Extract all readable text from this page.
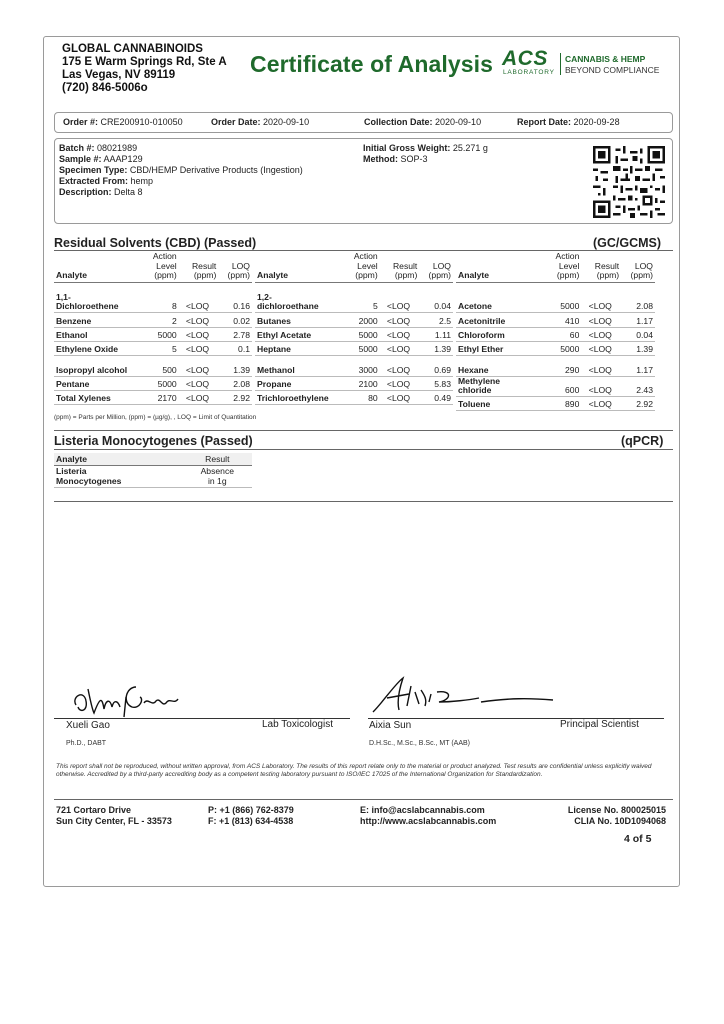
GLOBAL CANNABINOIDS
175 E Warm Springs Rd, Ste A
Las Vegas, NV 89119
(720) 846-5006o
Certificate of Analysis ACS
LABORATORY
CANNABIS & HEMP
BEYOND COMPLIANCE
Order #: CRE200910-010050	Order Date: 2020-09-10	Collection Date: 2020-09-10	Report Date: 2020-09-28
Batch #: 08021989
Sample #: AAAP129
Specimen Type: CBD/HEMP Derivative Products (Ingestion)
Extracted From: hemp
Description: Delta 8
Initial Gross Weight: 25.271 g
Method: SOP-3
Residual Solvents (CBD) (Passed)	(GC/GCMS)
Analyte	Action
Level
(ppm)	Result
(ppm)	LOQ
(ppm)
1,1-
Dichloroethene	8	<LOQ	0.16
Benzene	2	<LOQ	0.02
Ethanol	5000	<LOQ	2.78
Ethylene Oxide	5	<LOQ	0.1
Isopropyl alcohol	500	<LOQ	1.39
Pentane	5000	<LOQ	2.08
Total Xylenes	2170	<LOQ	2.92
Analyte	Action
Level
(ppm)	Result
(ppm)	LOQ
(ppm)
1,2-
dichloroethane	5	<LOQ	0.04
Butanes	2000	<LOQ	2.5
Ethyl Acetate	5000	<LOQ	1.11
Heptane	5000	<LOQ	1.39
Methanol	3000	<LOQ	0.69
Propane	2100	<LOQ	5.83
Trichloroethylene	80	<LOQ	0.49
Analyte	Action
Level
(ppm)	Result
(ppm)	LOQ
(ppm)
Acetone	5000	<LOQ	2.08
Acetonitrile	410	<LOQ	1.17
Chloroform	60	<LOQ	0.04
Ethyl Ether	5000	<LOQ	1.39
Hexane	290	<LOQ	1.17
Methylene
chloride	600	<LOQ	2.43
Toluene	890	<LOQ	2.92
(ppm) = Parts per Million, (ppm) = (µg/g), , LOQ = Limit of Quantitation
Listeria Monocytogenes (Passed)	(qPCR)
Analyte	Result
Listeria
Monocytogenes	Absence
in 1g
Xueli Gao	Lab Toxicologist
Ph.D., DABT
Aixia Sun	Principal Scientist
D.H.Sc., M.Sc., B.Sc., MT (AAB)
This report shall not be reproduced, without written approval, from ACS Laboratory. The results of this report relate only to the material or product analyzed. Test results are confidential unless explicitly waived otherwise. Accredited by a third-party accrediting body as a competent testing laboratory pursuant to ISO/IEC 17025 of the International Organization for Standardization.
721 Cortaro Drive
Sun City Center, FL - 33573
P: +1 (866) 762-8379
F: +1 (813) 634-4538
E: info@acslabcannabis.com
http://www.acslabcannabis.com
License No. 800025015
CLIA No. 10D1094068
4 of 5
